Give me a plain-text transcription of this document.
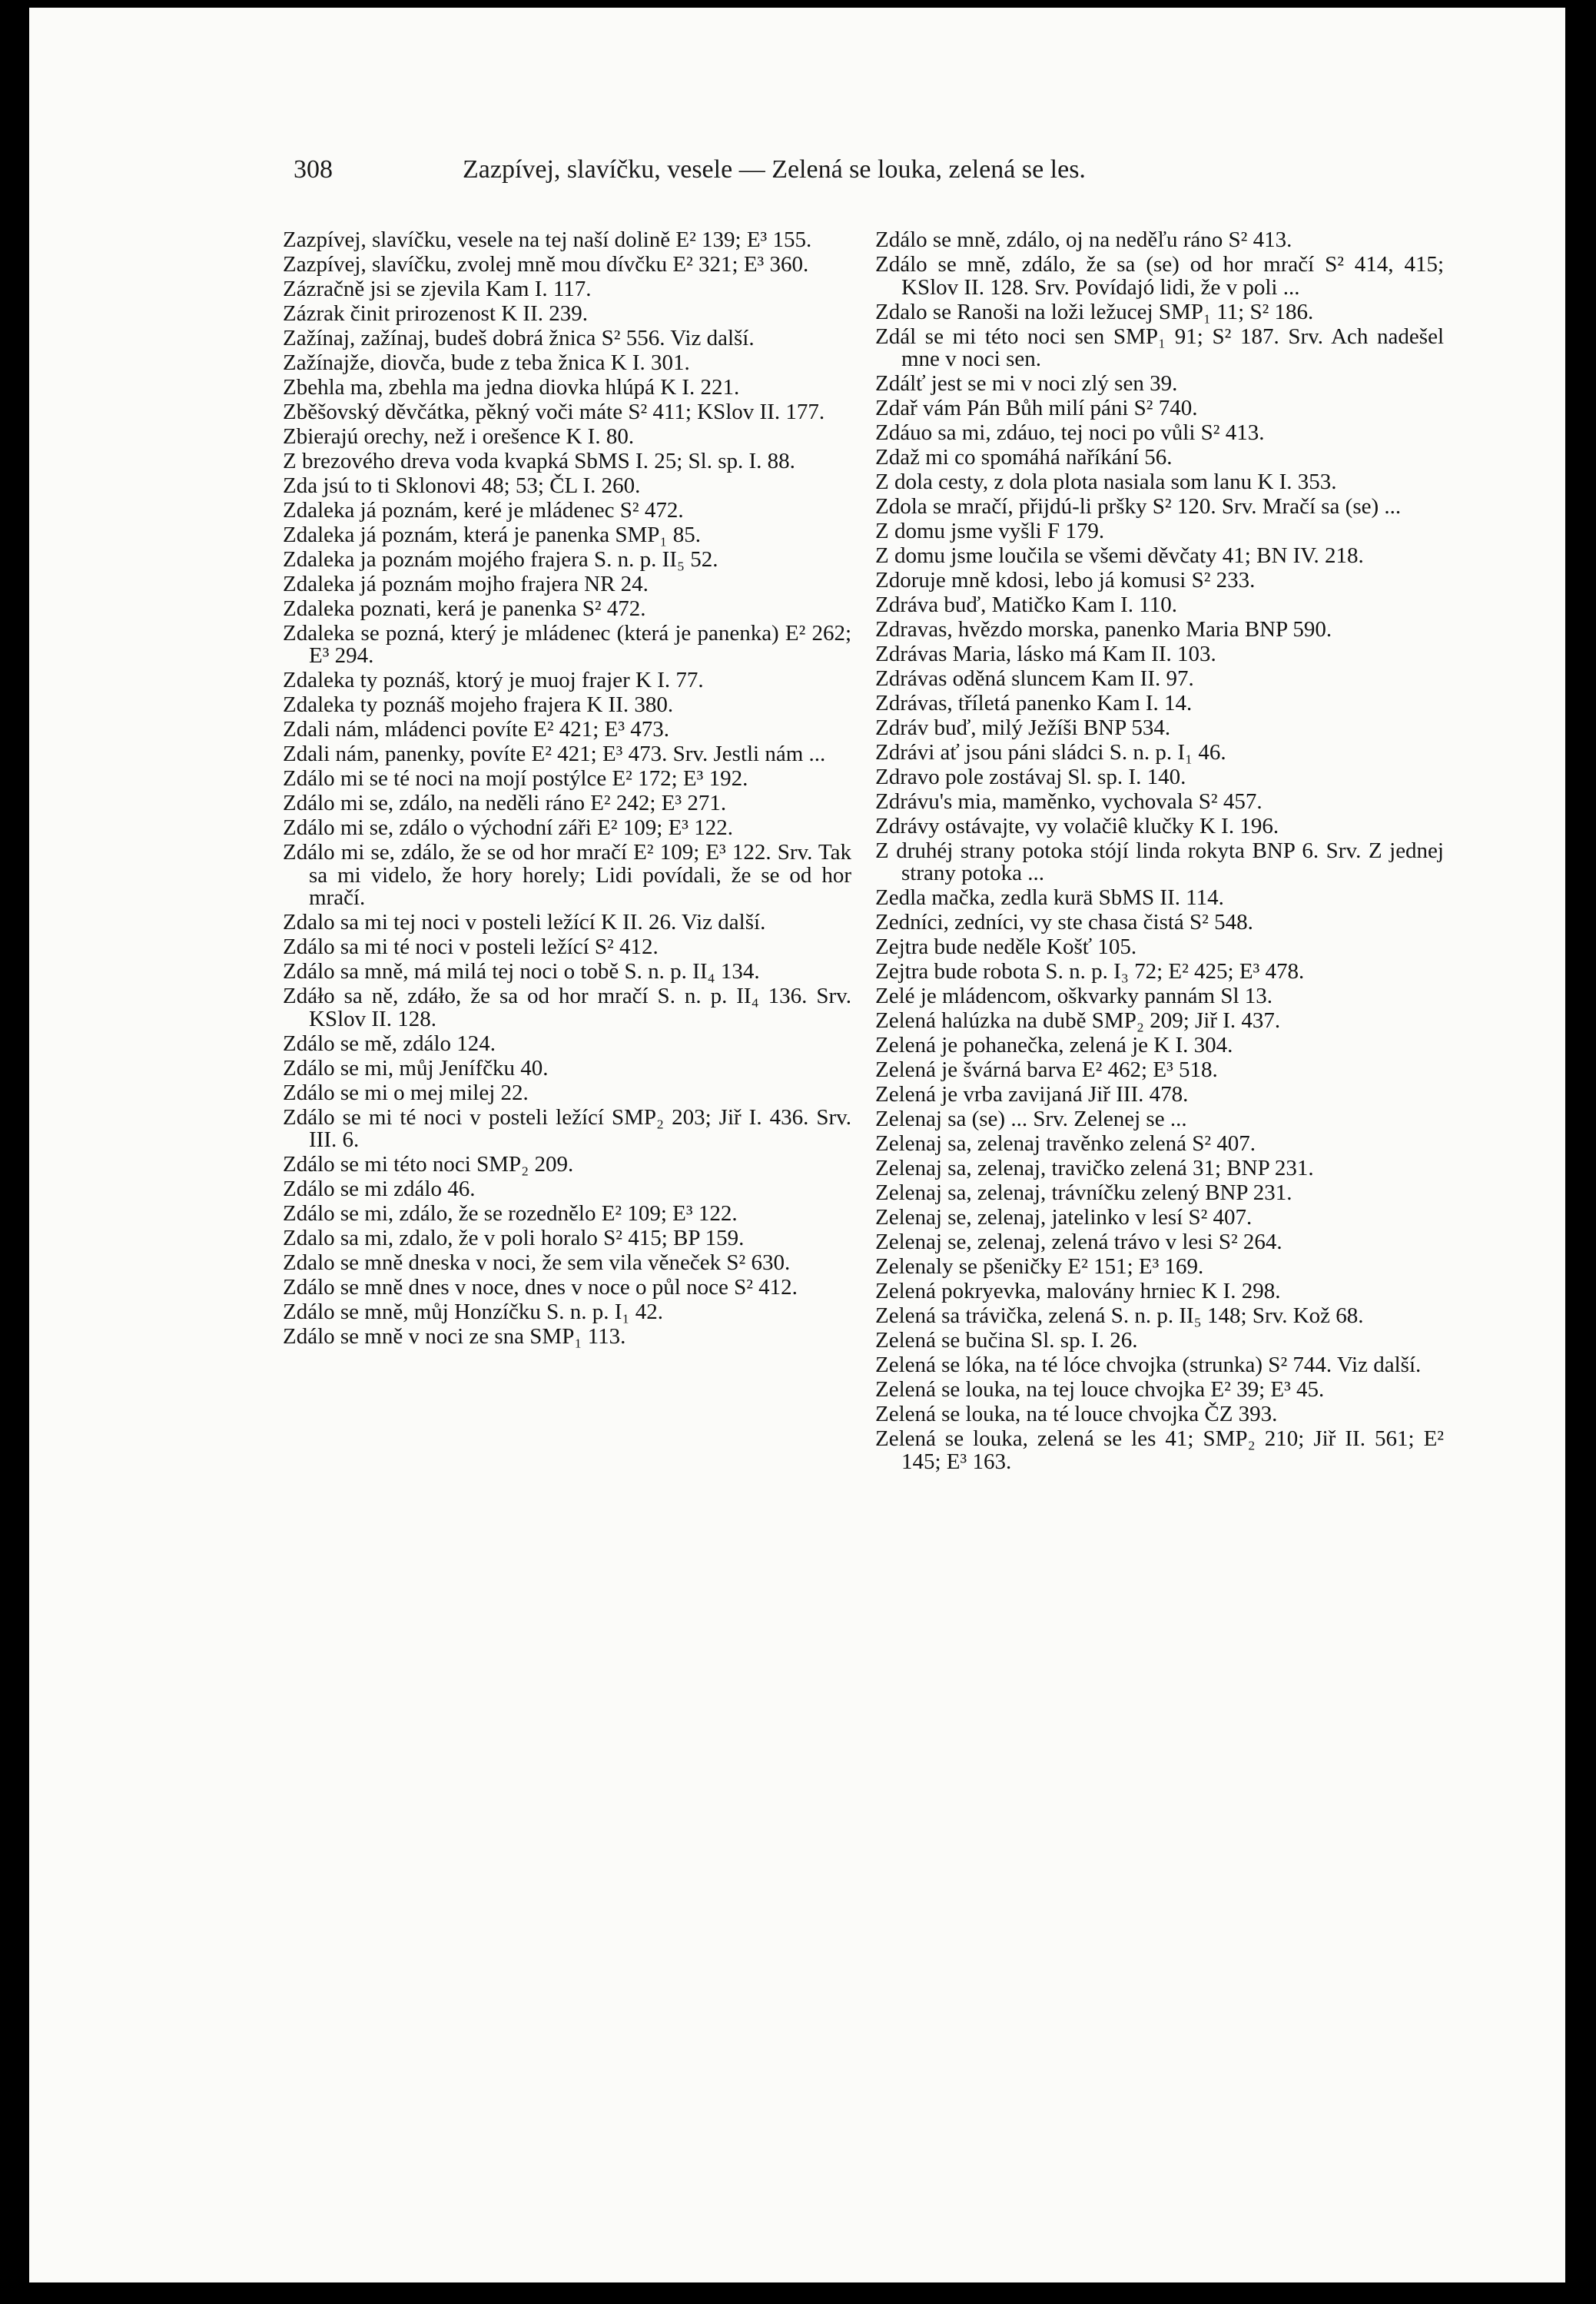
308	Zazpívej, slavíčku, vesele — Zelená se louka, zelená se les.

Zazpívej, slavíčku, vesele na tej naší dolině E² 139; E³ 155.

Zazpívej, slavíčku, zvolej mně mou dívčku E² 321; E³ 360.

Zázračně jsi se zjevila Kam I. 117.

Zázrak činit prirozenost K II. 239.

Zažínaj, zažínaj, budeš dobrá žnica S² 556. Viz další.

Zažínajže, diovča, bude z teba žnica K I. 301.

Zbehla ma, zbehla ma jedna diovka hlúpá K I. 221.

Zběšovský děvčátka, pěkný voči máte S² 411; KSlov II. 177.

Zbierajú orechy, než i orešence K I. 80.

Z brezového dreva voda kvapká SbMS I. 25; Sl. sp. I. 88.

Zda jsú to ti Sklonovi 48; 53; ČL I. 260.

Zdaleka já poznám, keré je mládenec S² 472.

Zdaleka já poznám, která je panenka SMP₁ 85.

Zdaleka ja poznám mojého frajera S. n. p. II₅ 52.

Zdaleka já poznám mojho frajera NR 24.

Zdaleka poznati, kerá je panenka S² 472.

Zdaleka se pozná, který je mládenec (která je panenka) E² 262; E³ 294.

Zdaleka ty poznáš, ktorý je muoj frajer K I. 77.

Zdaleka ty poznáš mojeho frajera K II. 380.

Zdali nám, mládenci povíte E² 421; E³ 473.

Zdali nám, panenky, povíte E² 421; E³ 473. Srv. Jestli nám ...

Zdálo mi se té noci na mojí postýlce E² 172; E³ 192.

Zdálo mi se, zdálo, na neděli ráno E² 242; E³ 271.

Zdálo mi se, zdálo o východní záři E² 109; E³ 122.

Zdálo mi se, zdálo, že se od hor mračí E² 109; E³ 122. Srv. Tak sa mi videlo, že hory horely; Lidi povídali, že se od hor mračí.

Zdalo sa mi tej noci v posteli ležící K II. 26. Viz další.

Zdálo sa mi té noci v posteli ležící S² 412.

Zdálo sa mně, má milá tej noci o tobě S. n. p. II₄ 134.

Zdáło sa ně, zdáło, že sa od hor mračí S. n. p. II₄ 136. Srv. KSlov II. 128.

Zdálo se mě, zdálo 124.

Zdálo se mi, můj Jenífčku 40.

Zdálo se mi o mej milej 22.

Zdálo se mi té noci v posteli ležící SMP₂ 203; Jiř I. 436. Srv. III. 6.

Zdálo se mi této noci SMP₂ 209.

Zdálo se mi zdálo 46.

Zdálo se mi, zdálo, že se rozednělo E² 109; E³ 122.

Zdalo sa mi, zdalo, že v poli horalo S² 415; BP 159.

Zdalo se mně dneska v noci, že sem vila věneček S² 630.

Zdálo se mně dnes v noce, dnes v noce o půl noce S² 412.

Zdálo se mně, můj Honzíčku S. n. p. I₁ 42.

Zdálo se mně v noci ze sna SMP₁ 113.

Zdálo se mně, zdálo, oj na neděľu ráno S² 413.

Zdálo se mně, zdálo, že sa (se) od hor mračí S² 414, 415; KSlov II. 128. Srv. Povídajó lidi, že v poli ...

Zdalo se Ranoši na loži ležucej SMP₁ 11; S² 186.

Zdál se mi této noci sen SMP₁ 91; S² 187. Srv. Ach nadešel mne v noci sen.

Zdálť jest se mi v noci zlý sen 39.

Zdař vám Pán Bůh milí páni S² 740.

Zdáuo sa mi, zdáuo, tej noci po vůli S² 413.

Zdaž mi co spomáhá naříkání 56.

Z dola cesty, z dola plota nasiala som lanu K I. 353.

Zdola se mračí, přijdú-li pršky S² 120. Srv. Mračí sa (se) ...

Z domu jsme vyšli F 179.

Z domu jsme loučila se všemi děvčaty 41; BN IV. 218.

Zdoruje mně kdosi, lebo já komusi S² 233.

Zdráva buď, Matičko Kam I. 110.

Zdravas, hvězdo morska, panenko Maria BNP 590.

Zdrávas Maria, lásko má Kam II. 103.

Zdrávas oděná sluncem Kam II. 97.

Zdrávas, tříletá panenko Kam I. 14.

Zdráv buď, milý Ježíši BNP 534.

Zdrávi ať jsou páni sládci S. n. p. I₁ 46.

Zdravo pole zostávaj Sl. sp. I. 140.

Zdrávu's mia, maměnko, vychovala S² 457.

Zdrávy ostávajte, vy volačiê klučky K I. 196.

Z druhéj strany potoka stójí linda rokyta BNP 6. Srv. Z jednej strany potoka ...

Zedla mačka, zedla kurä SbMS II. 114.

Zedníci, zedníci, vy ste chasa čistá S² 548.

Zejtra bude neděle Košť 105.

Zejtra bude robota S. n. p. I₃ 72; E² 425; E³ 478.

Zelé je mládencom, oškvarky pannám Sl 13.

Zelená halúzka na dubě SMP₂ 209; Jiř I. 437.

Zelená je pohanečka, zelená je K I. 304.

Zelená je švárná barva E² 462; E³ 518.

Zelená je vrba zavijaná Jiř III. 478.

Zelenaj sa (se) ... Srv. Zelenej se ...

Zelenaj sa, zelenaj travěnko zelená S² 407.

Zelenaj sa, zelenaj, travičko zelená 31; BNP 231.

Zelenaj sa, zelenaj, trávníčku zelený BNP 231.

Zelenaj se, zelenaj, jatelinko v lesí S² 407.

Zelenaj se, zelenaj, zelená trávo v lesi S² 264.

Zelenaly se pšeničky E² 151; E³ 169.

Zelená pokryevka, malovány hrniec K I. 298.

Zelená sa trávička, zelená S. n. p. II₅ 148; Srv. Kož 68.

Zelená se bučina Sl. sp. I. 26.

Zelená se lóka, na té lóce chvojka (strunka) S² 744. Viz další.

Zelená se louka, na tej louce chvojka E² 39; E³ 45.

Zelená se louka, na té louce chvojka ČZ 393.

Zelená se louka, zelená se les 41; SMP₂ 210; Jiř II. 561; E² 145; E³ 163.
